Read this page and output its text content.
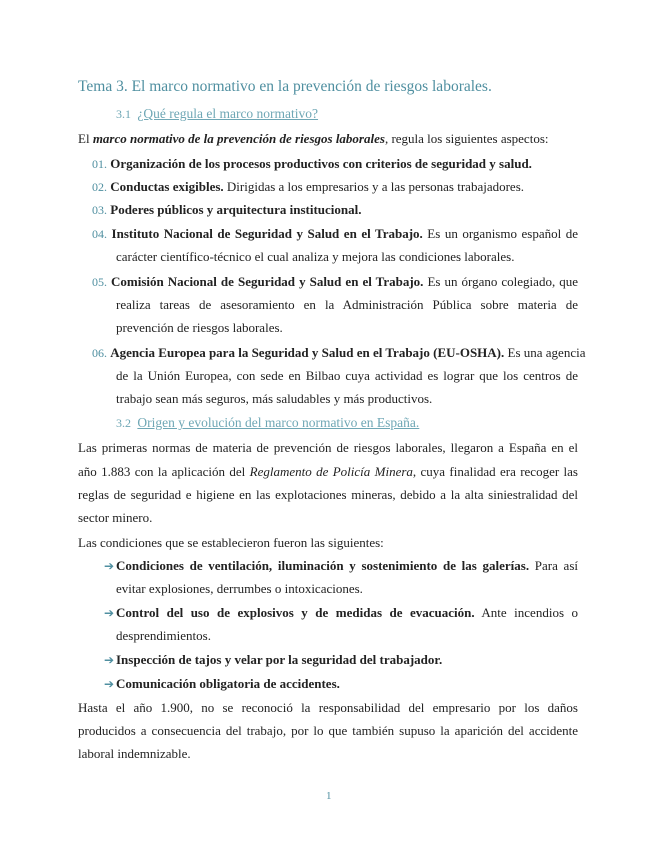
Tema 3. El marco normativo en la prevención de riesgos laborales.
3.1 ¿Qué regula el marco normativo?
El marco normativo de la prevención de riesgos laborales, regula los siguientes aspectos:
01. Organización de los procesos productivos con criterios de seguridad y salud.
02. Conductas exigibles. Dirigidas a los empresarios y a las personas trabajadores.
03. Poderes públicos y arquitectura institucional.
04. Instituto Nacional de Seguridad y Salud en el Trabajo. Es un organismo español de
carácter científico-técnico el cual analiza y mejora las condiciones laborales.
05. Comisión Nacional de Seguridad y Salud en el Trabajo. Es un órgano colegiado, que
realiza tareas de asesoramiento en la Administración Pública sobre materia de
prevención de riesgos laborales.
06. Agencia Europea para la Seguridad y Salud en el Trabajo (EU-OSHA). Es una agencia
de la Unión Europea, con sede en Bilbao cuya actividad es lograr que los centros de
trabajo sean más seguros, más saludables y más productivos.
3.2 Origen y evolución del marco normativo en España.
Las primeras normas de materia de prevención de riesgos laborales, llegaron a España en el
año 1.883 con la aplicación del Reglamento de Policía Minera, cuya finalidad era recoger las
reglas de seguridad e higiene en las explotaciones mineras, debido a la alta siniestralidad del
sector minero.
Las condiciones que se establecieron fueron las siguientes:
➔ Condiciones de ventilación, iluminación y sostenimiento de las galerías. Para así
evitar explosiones, derrumbes o intoxicaciones.
➔ Control del uso de explosivos y de medidas de evacuación. Ante incendios o
desprendimientos.
➔ Inspección de tajos y velar por la seguridad del trabajador.
➔ Comunicación obligatoria de accidentes.
Hasta el año 1.900, no se reconoció la responsabilidad del empresario por los daños
producidos a consecuencia del trabajo, por lo que también supuso la aparición del accidente
laboral indemnizable.
1
